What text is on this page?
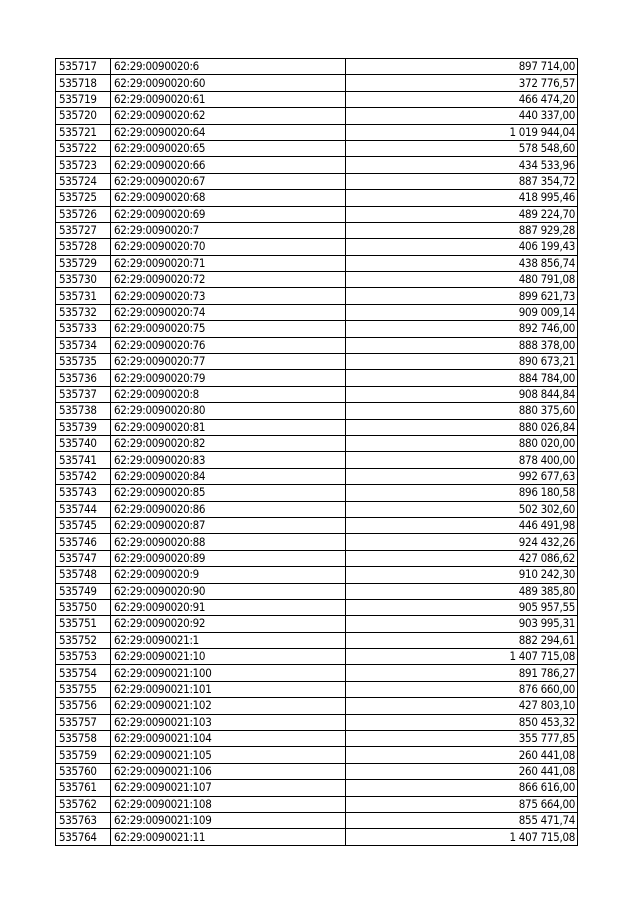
535717	62:29:0090020:6	897 714,00
535718	62:29:0090020:60	372 776,57
535719	62:29:0090020:61	466 474,20
535720	62:29:0090020:62	440 337,00
535721	62:29:0090020:64	1 019 944,04
535722	62:29:0090020:65	578 548,60
535723	62:29:0090020:66	434 533,96
535724	62:29:0090020:67	887 354,72
535725	62:29:0090020:68	418 995,46
535726	62:29:0090020:69	489 224,70
535727	62:29:0090020:7	887 929,28
535728	62:29:0090020:70	406 199,43
535729	62:29:0090020:71	438 856,74
535730	62:29:0090020:72	480 791,08
535731	62:29:0090020:73	899 621,73
535732	62:29:0090020:74	909 009,14
535733	62:29:0090020:75	892 746,00
535734	62:29:0090020:76	888 378,00
535735	62:29:0090020:77	890 673,21
535736	62:29:0090020:79	884 784,00
535737	62:29:0090020:8	908 844,84
535738	62:29:0090020:80	880 375,60
535739	62:29:0090020:81	880 026,84
535740	62:29:0090020:82	880 020,00
535741	62:29:0090020:83	878 400,00
535742	62:29:0090020:84	992 677,63
535743	62:29:0090020:85	896 180,58
535744	62:29:0090020:86	502 302,60
535745	62:29:0090020:87	446 491,98
535746	62:29:0090020:88	924 432,26
535747	62:29:0090020:89	427 086,62
535748	62:29:0090020:9	910 242,30
535749	62:29:0090020:90	489 385,80
535750	62:29:0090020:91	905 957,55
535751	62:29:0090020:92	903 995,31
535752	62:29:0090021:1	882 294,61
535753	62:29:0090021:10	1 407 715,08
535754	62:29:0090021:100	891 786,27
535755	62:29:0090021:101	876 660,00
535756	62:29:0090021:102	427 803,10
535757	62:29:0090021:103	850 453,32
535758	62:29:0090021:104	355 777,85
535759	62:29:0090021:105	260 441,08
535760	62:29:0090021:106	260 441,08
535761	62:29:0090021:107	866 616,00
535762	62:29:0090021:108	875 664,00
535763	62:29:0090021:109	855 471,74
535764	62:29:0090021:11	1 407 715,08
